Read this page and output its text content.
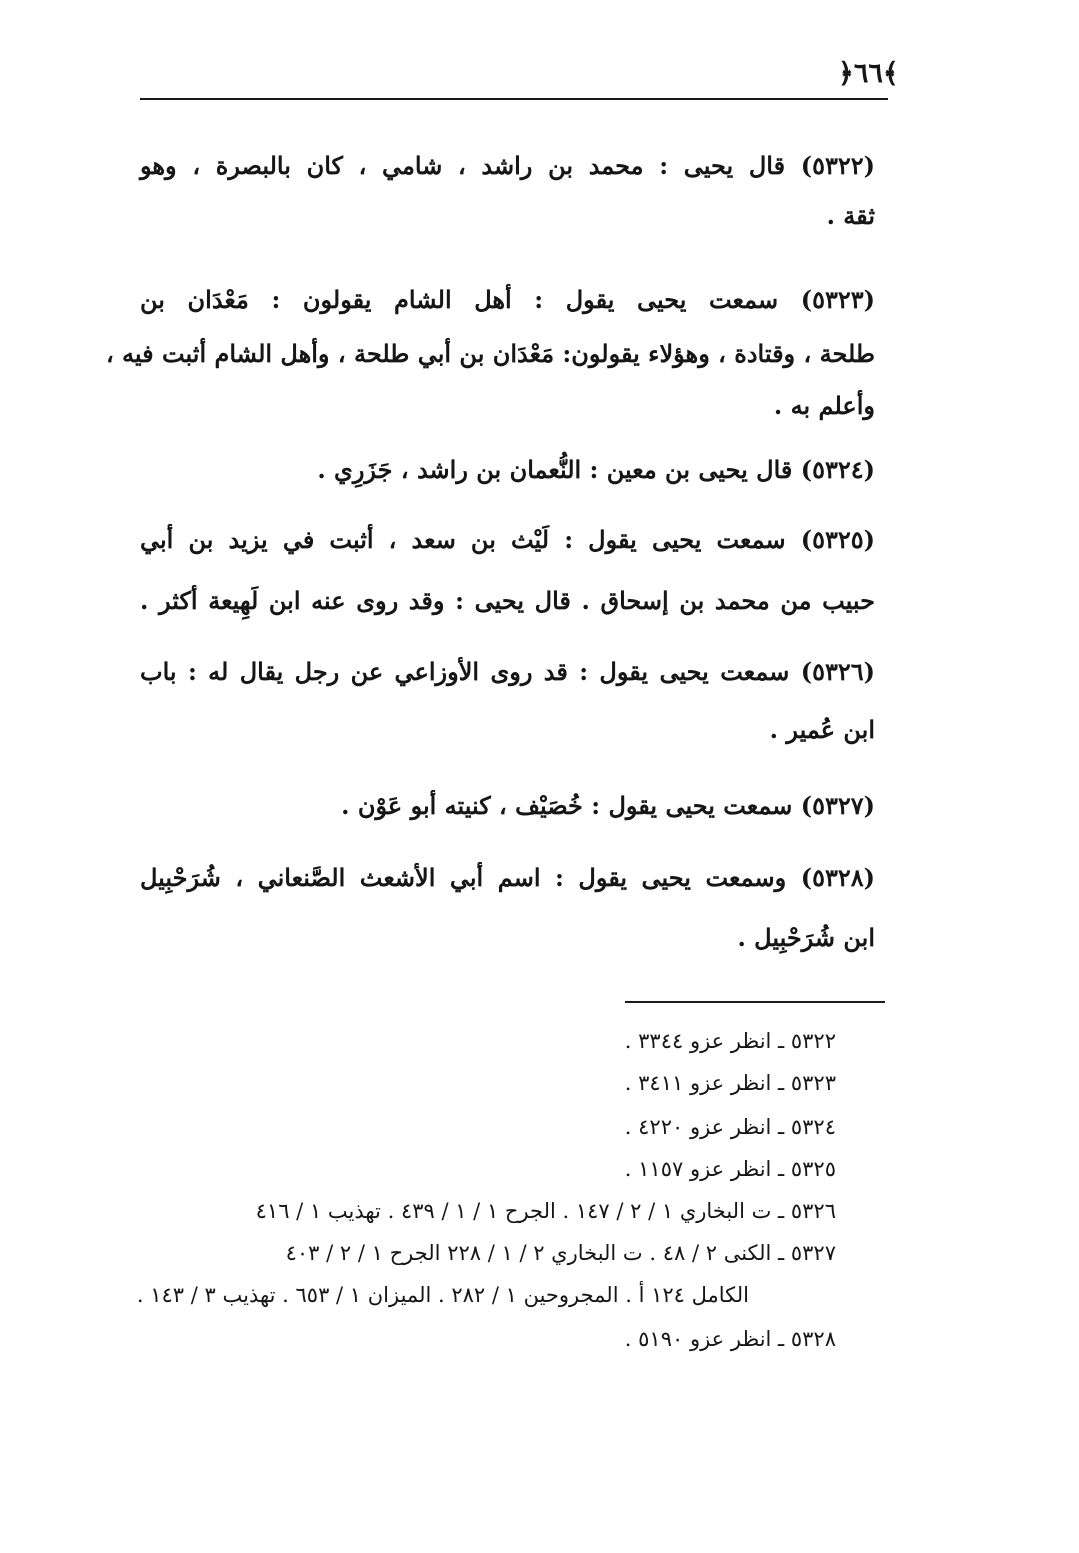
﴿٦٦﴾
(٥٣٢٢) قال يحيى : محمد بن راشد ، شامي ، كان بالبصرة ، وهو
ثقة .
(٥٣٢٣) سمعت يحيى يقول : أهل الشام يقولون : مَعْدَان بن
طلحة ، وقتادة ، وهؤلاء يقولون: مَعْدَان بن أبي طلحة ، وأهل الشام أثبت فيه ،
وأعلم به .
(٥٣٢٤) قال يحيى بن معين : النُّعمان بن راشد ، جَزَرِي .
(٥٣٢٥) سمعت يحيى يقول : لَيْث بن سعد ، أثبت في يزيد بن أبي
حبيب من محمد بن إسحاق . قال يحيى : وقد روى عنه ابن لَهِيعة أكثر .
(٥٣٢٦) سمعت يحيى يقول : قد روى الأوزاعي عن رجل يقال له : باب
ابن عُمير .
(٥٣٢٧) سمعت يحيى يقول : خُصَيْف ، كنيته أبو عَوْن .
(٥٣٢٨) وسمعت يحيى يقول : اسم أبي الأشعث الصَّنعاني ، شُرَحْبِيل
ابن شُرَحْبِيل .
٥٣٢٢ ـ انظر عزو ٣٣٤٤ .
٥٣٢٣ ـ انظر عزو ٣٤١١ .
٥٣٢٤ ـ انظر عزو ٤٢٢٠ .
٥٣٢٥ ـ انظر عزو ١١٥٧ .
٥٣٢٦ ـ ت البخاري ١ / ٢ / ١٤٧ . الجرح ١ / ١ / ٤٣٩ . تهذيب ١ / ٤١٦
٥٣٢٧ ـ الكنى ٢ / ٤٨ . ت البخاري ٢ / ١ / ٢٢٨ الجرح ١ / ٢ / ٤٠٣
الكامل ١٢٤ أ . المجروحين ١ / ٢٨٢ . الميزان ١ / ٦٥٣ . تهذيب ٣ / ١٤٣ .
٥٣٢٨ ـ انظر عزو ٥١٩٠ .
